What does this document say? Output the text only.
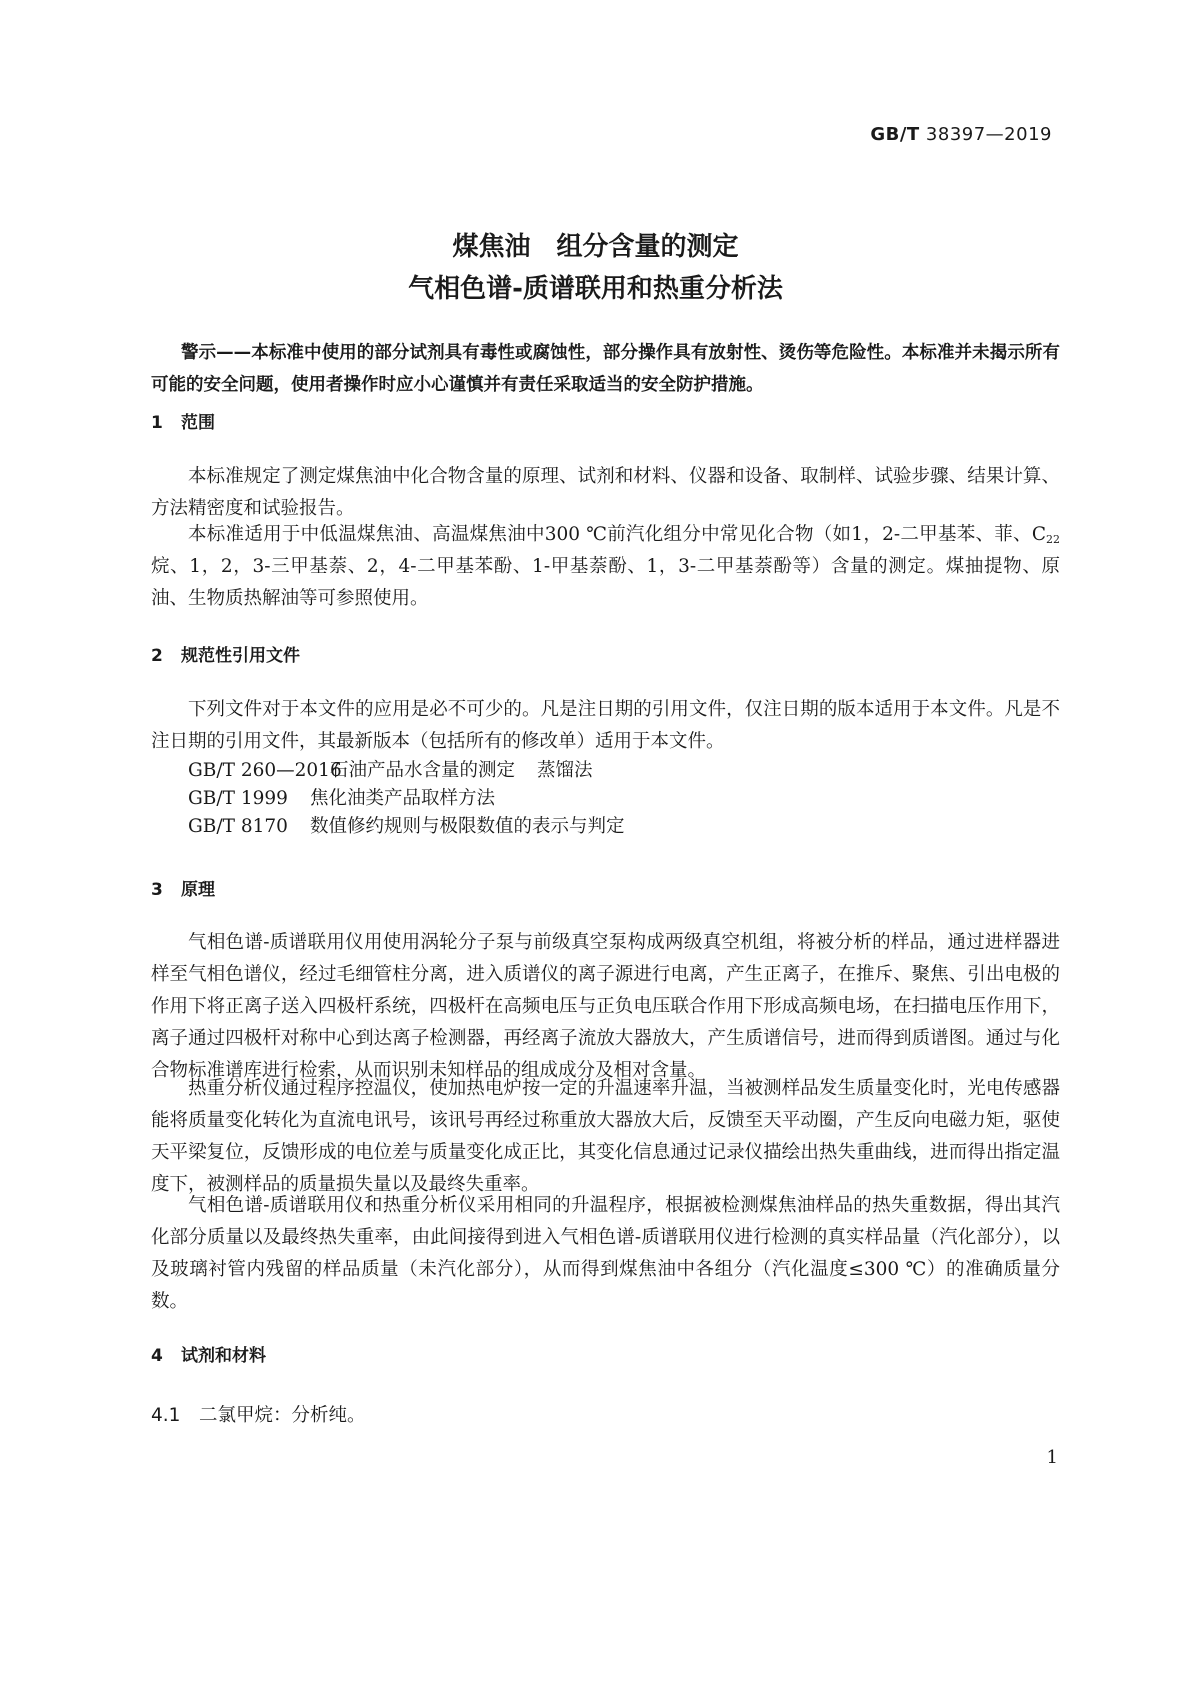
GB/T 38397—2019
煤焦油　组分含量的测定
气相色谱-质谱联用和热重分析法
警示——本标准中使用的部分试剂具有毒性或腐蚀性，部分操作具有放射性、烫伤等危险性。本标准并未揭示所有可能的安全问题，使用者操作时应小心谨慎并有责任采取适当的安全防护措施。
1 范围
本标准规定了测定煤焦油中化合物含量的原理、试剂和材料、仪器和设备、取制样、试验步骤、结果计算、方法精密度和试验报告。
本标准适用于中低温煤焦油、高温煤焦油中300 ℃前汽化组分中常见化合物（如1，2-二甲基苯、菲、$C_{22}$烷、1，2，3-三甲基萘、2，4-二甲基苯酚、1-甲基萘酚、1，3-二甲基萘酚等）含量的测定。煤抽提物、原油、生物质热解油等可参照使用。
2 规范性引用文件
下列文件对于本文件的应用是必不可少的。凡是注日期的引用文件，仅注日期的版本适用于本文件。凡是不注日期的引用文件，其最新版本（包括所有的修改单）适用于本文件。
GB/T 260—2016石油产品水含量的测定 蒸馏法
GB/T 1999 焦化油类产品取样方法
GB/T 8170 数值修约规则与极限数值的表示与判定
3 原理
气相色谱-质谱联用仪用使用涡轮分子泵与前级真空泵构成两级真空机组，将被分析的样品，通过进样器进样至气相色谱仪，经过毛细管柱分离，进入质谱仪的离子源进行电离，产生正离子，在推斥、聚焦、引出电极的作用下将正离子送入四极杆系统，四极杆在高频电压与正负电压联合作用下形成高频电场，在扫描电压作用下，离子通过四极杆对称中心到达离子检测器，再经离子流放大器放大，产生质谱信号，进而得到质谱图。通过与化合物标准谱库进行检索，从而识别未知样品的组成成分及相对含量。
热重分析仪通过程序控温仪，使加热电炉按一定的升温速率升温，当被测样品发生质量变化时，光电传感器能将质量变化转化为直流电讯号，该讯号再经过称重放大器放大后，反馈至天平动圈，产生反向电磁力矩，驱使天平梁复位，反馈形成的电位差与质量变化成正比，其变化信息通过记录仪描绘出热失重曲线，进而得出指定温度下，被测样品的质量损失量以及最终失重率。
气相色谱-质谱联用仪和热重分析仪采用相同的升温程序，根据被检测煤焦油样品的热失重数据，得出其汽化部分质量以及最终热失重率，由此间接得到进入气相色谱-质谱联用仪进行检测的真实样品量（汽化部分），以及玻璃衬管内残留的样品质量（未汽化部分），从而得到煤焦油中各组分（汽化温度≤300 ℃）的准确质量分数。
4 试剂和材料
4.1 二氯甲烷：分析纯。
1
